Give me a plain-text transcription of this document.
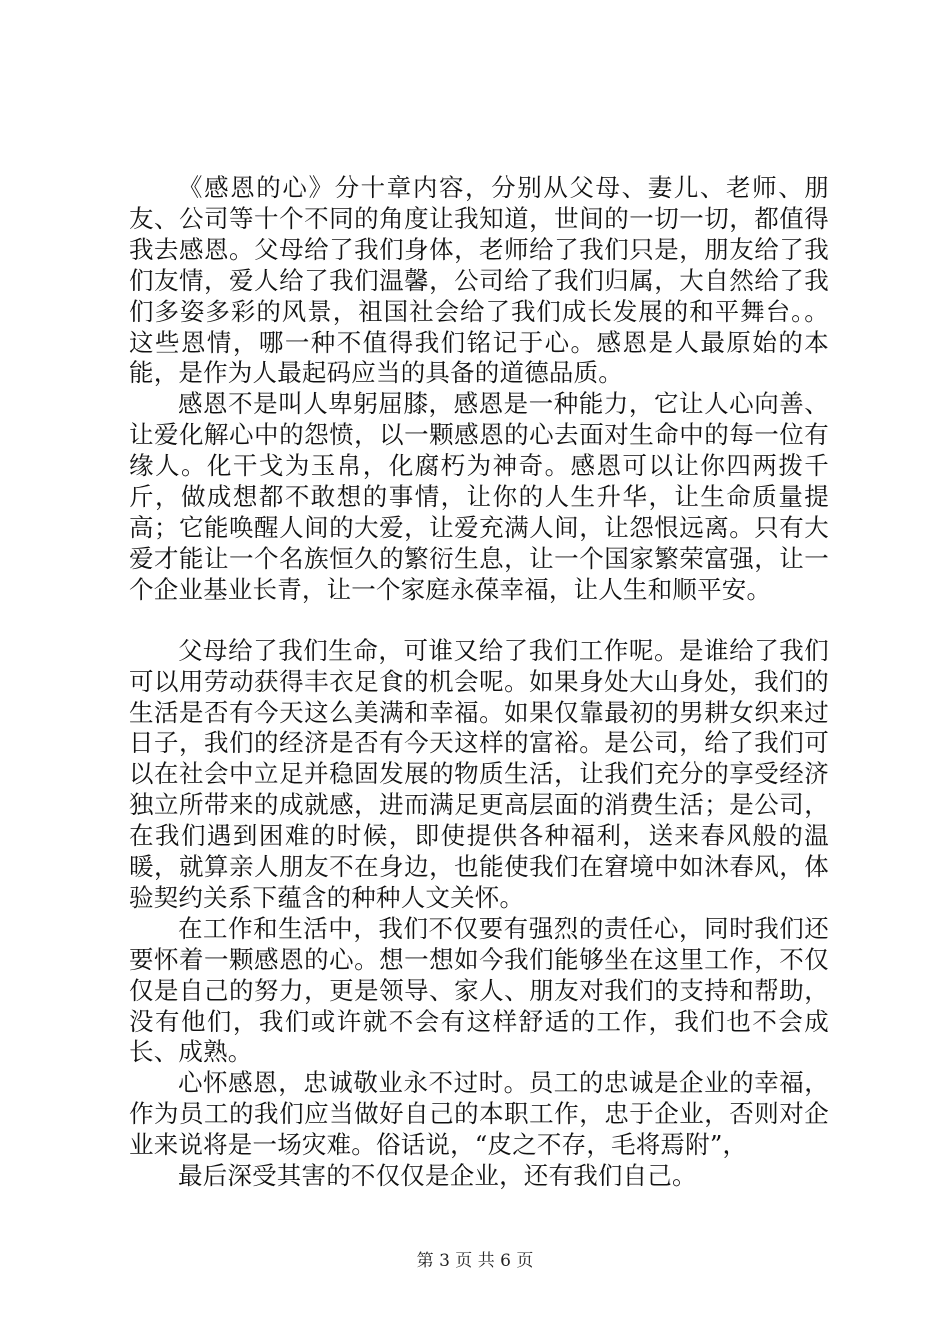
《感恩的心》分十章内容，分别从父母、妻儿、老师、朋友、公司等十个不同的角度让我知道，世间的一切一切，都值得我去感恩。父母给了我们身体，老师给了我们只是，朋友给了我们友情，爱人给了我们温馨，公司给了我们归属，大自然给了我们多姿多彩的风景，祖国社会给了我们成长发展的和平舞台。。这些恩情，哪一种不值得我们铭记于心。感恩是人最原始的本能，是作为人最起码应当的具备的道德品质。

感恩不是叫人卑躬屈膝，感恩是一种能力，它让人心向善、让爱化解心中的怨愤，以一颗感恩的心去面对生命中的每一位有缘人。化干戈为玉帛，化腐朽为神奇。感恩可以让你四两拨千斤，做成想都不敢想的事情，让你的人生升华，让生命质量提高；它能唤醒人间的大爱，让爱充满人间，让怨恨远离。只有大爱才能让一个名族恒久的繁衍生息，让一个国家繁荣富强，让一个企业基业长青，让一个家庭永葆幸福，让人生和顺平安。

父母给了我们生命，可谁又给了我们工作呢。是谁给了我们可以用劳动获得丰衣足食的机会呢。如果身处大山身处，我们的生活是否有今天这么美满和幸福。如果仅靠最初的男耕女织来过日子，我们的经济是否有今天这样的富裕。是公司，给了我们可以在社会中立足并稳固发展的物质生活，让我们充分的享受经济独立所带来的成就感，进而满足更高层面的消费生活；是公司，在我们遇到困难的时候，即使提供各种福利，送来春风般的温暖，就算亲人朋友不在身边，也能使我们在窘境中如沐春风，体验契约关系下蕴含的种种人文关怀。

在工作和生活中，我们不仅要有强烈的责任心，同时我们还要怀着一颗感恩的心。想一想如今我们能够坐在这里工作，不仅仅是自己的努力，更是领导、家人、朋友对我们的支持和帮助，没有他们，我们或许就不会有这样舒适的工作，我们也不会成长、成熟。

心怀感恩，忠诚敬业永不过时。员工的忠诚是企业的幸福，作为员工的我们应当做好自己的本职工作，忠于企业，否则对企业来说将是一场灾难。俗话说，“皮之不存，毛将焉附”，

最后深受其害的不仅仅是企业，还有我们自己。

第 3 页 共 6 页
